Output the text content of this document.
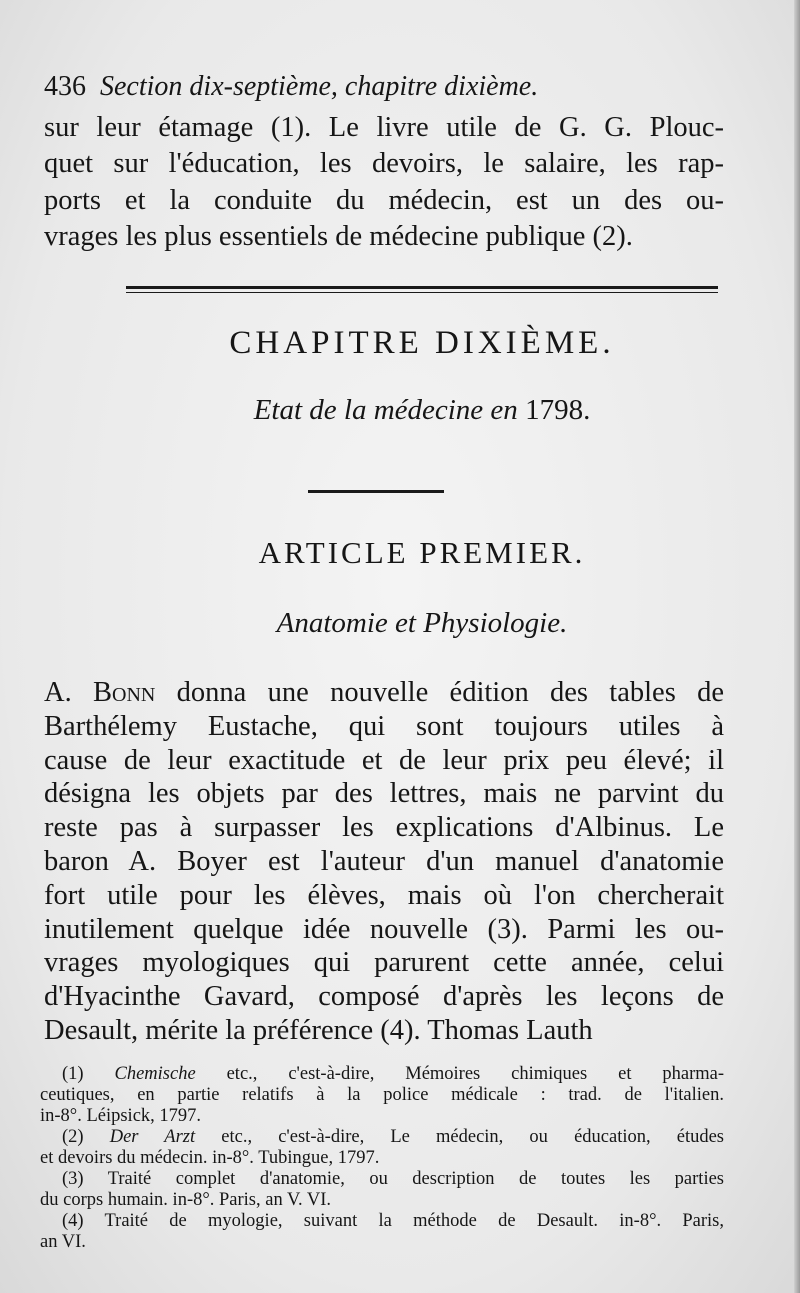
436 Section dix-septième, chapitre dixième.

sur leur étamage (1). Le livre utile de G. G. Plouc-
quet sur l'éducation, les devoirs, le salaire, les rap-
ports et la conduite du médecin, est un des ou-
vrages les plus essentiels de médecine publique (2).

CHAPITRE DIXIÈME.
Etat de la médecine en 1798.
ARTICLE PREMIER.
Anatomie et Physiologie.

A. Bonn donna une nouvelle édition des tables de
Barthélemy Eustache, qui sont toujours utiles à
cause de leur exactitude et de leur prix peu élevé; il
désigna les objets par des lettres, mais ne parvint du
reste pas à surpasser les explications d'Albinus. Le
baron A. Boyer est l'auteur d'un manuel d'anatomie
fort utile pour les élèves, mais où l'on chercherait
inutilement quelque idée nouvelle (3). Parmi les ou-
vrages myologiques qui parurent cette année, celui
d'Hyacinthe Gavard, composé d'après les leçons de
Desault, mérite la préférence (4). Thomas Lauth

(1) Chemische etc., c'est-à-dire, Mémoires chimiques et pharma-
ceutiques, en partie relatifs à la police médicale : trad. de l'italien.
in-8°. Léipsick, 1797.
(2) Der Arzt etc., c'est-à-dire, Le médecin, ou éducation, études
et devoirs du médecin. in-8°. Tubingue, 1797.
(3) Traité complet d'anatomie, ou description de toutes les parties
du corps humain. in-8°. Paris, an V. VI.
(4) Traité de myologie, suivant la méthode de Desault. in-8°. Paris,
an VI.
